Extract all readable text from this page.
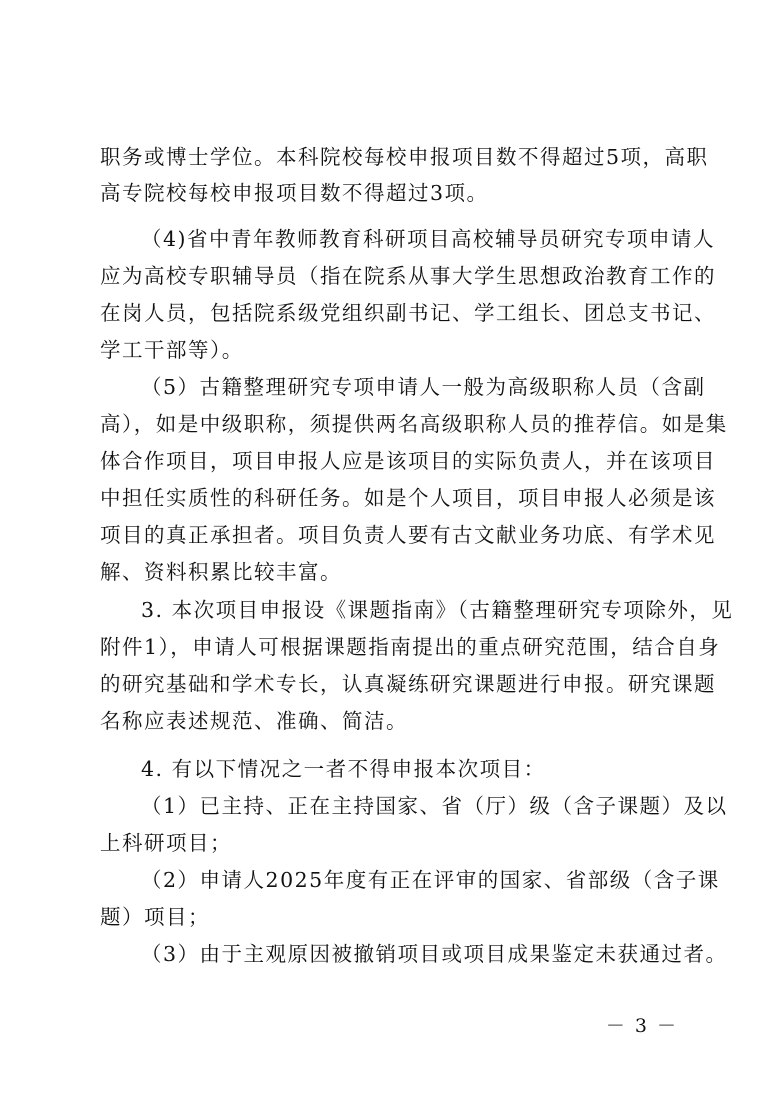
职务或博士学位。本科院校每校申报项目数不得超过5项，高职
高专院校每校申报项目数不得超过3项。
（4)省中青年教师教育科研项目高校辅导员研究专项申请人
应为高校专职辅导员（指在院系从事大学生思想政治教育工作的
在岗人员，包括院系级党组织副书记、学工组长、团总支书记、
学工干部等）。
（5）古籍整理研究专项申请人一般为高级职称人员（含副
高），如是中级职称，须提供两名高级职称人员的推荐信。如是集
体合作项目，项目申报人应是该项目的实际负责人，并在该项目
中担任实质性的科研任务。如是个人项目，项目申报人必须是该
项目的真正承担者。项目负责人要有古文献业务功底、有学术见
解、资料积累比较丰富。
3. 本次项目申报设《课题指南》（古籍整理研究专项除外，见
附件1），申请人可根据课题指南提出的重点研究范围，结合自身
的研究基础和学术专长，认真凝练研究课题进行申报。研究课题
名称应表述规范、准确、简洁。
4. 有以下情况之一者不得申报本次项目：
（1）已主持、正在主持国家、省（厅）级（含子课题）及以
上科研项目；
（2）申请人2025年度有正在评审的国家、省部级（含子课
题）项目；
（3）由于主观原因被撤销项目或项目成果鉴定未获通过者。
－ 3 －
